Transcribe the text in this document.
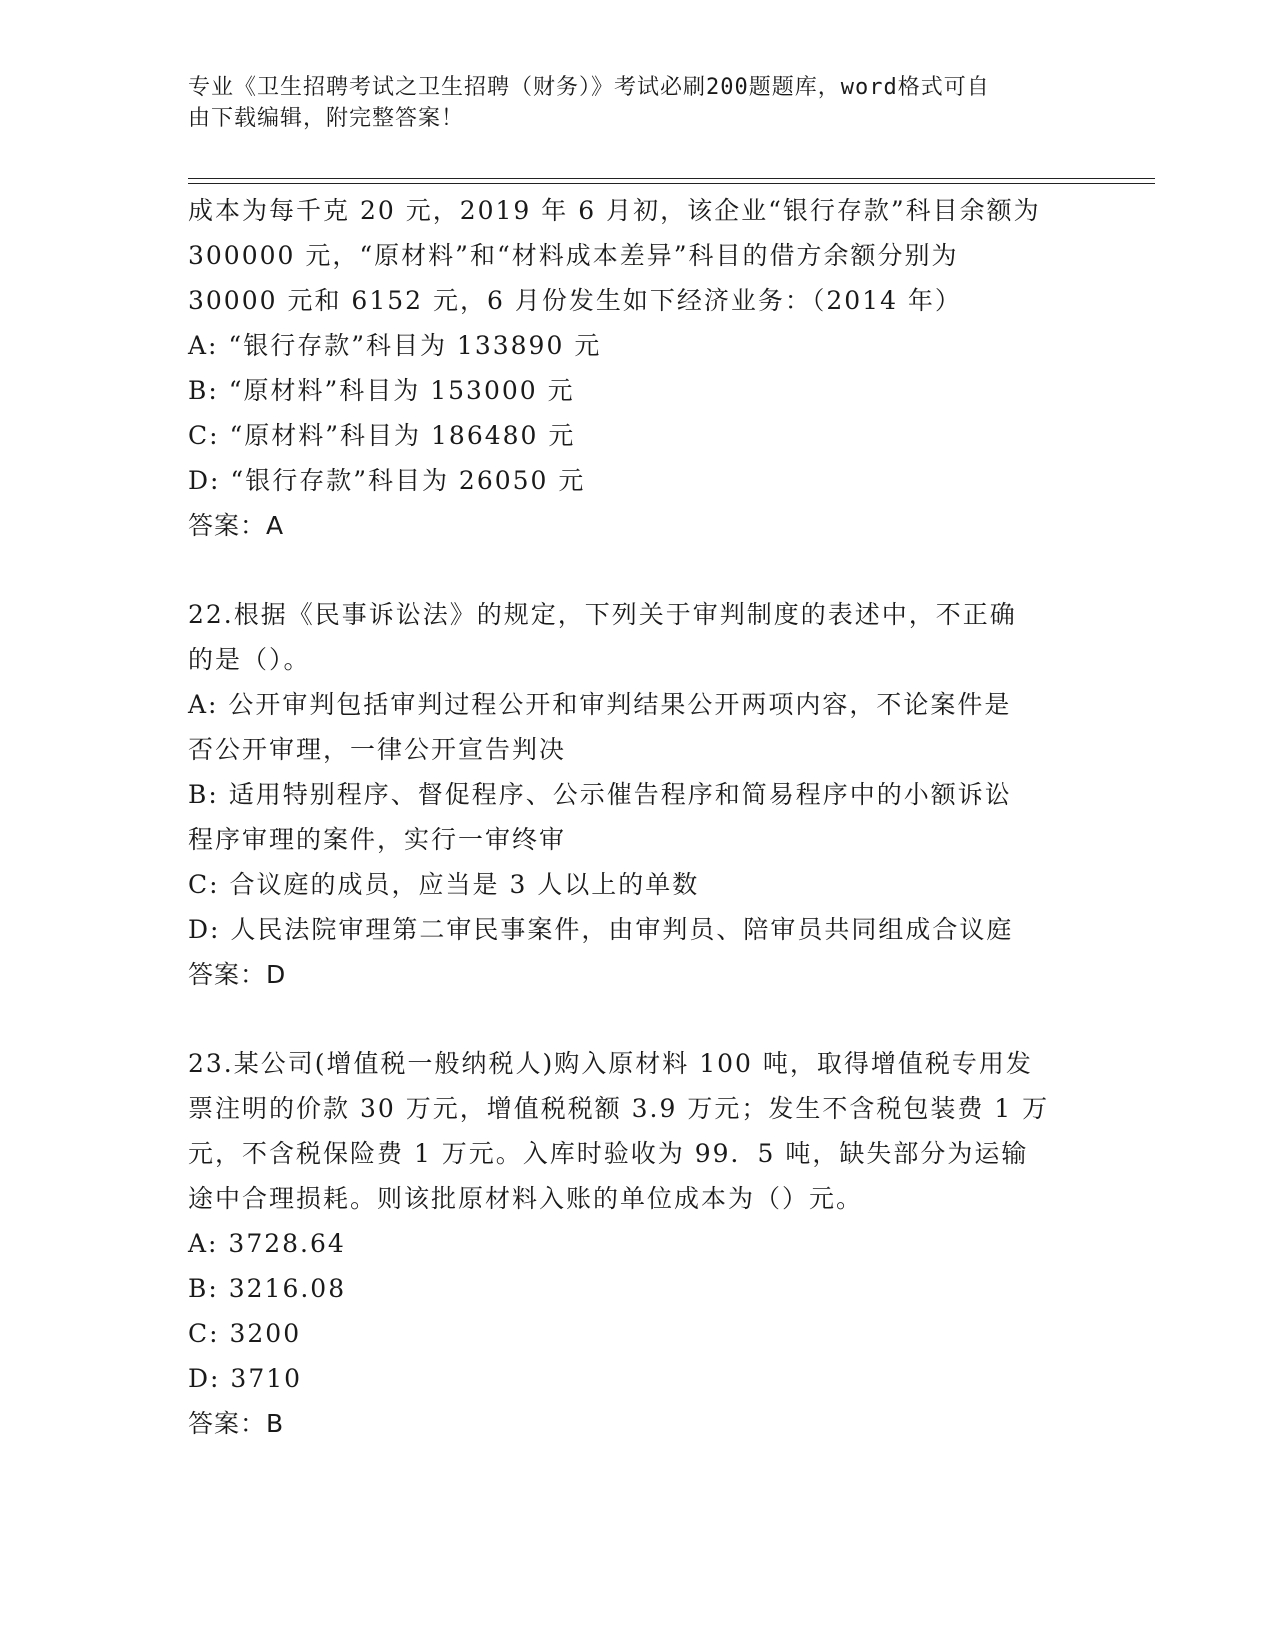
专业《卫生招聘考试之卫生招聘（财务）》考试必刷200题题库，word格式可自
由下载编辑，附完整答案！
成本为每千克 20 元，2019 年 6 月初，该企业“银行存款”科目余额为
300000 元，“原材料”和“材料成本差异”科目的借方余额分别为
30000 元和 6152 元，6 月份发生如下经济业务：（2014 年）
A: “银行存款”科目为 133890 元
B: “原材料”科目为 153000 元
C: “原材料”科目为 186480 元
D: “银行存款”科目为 26050 元
答案：A
22.根据《民事诉讼法》的规定，下列关于审判制度的表述中，不正确
的是（）。
A: 公开审判包括审判过程公开和审判结果公开两项内容，不论案件是
否公开审理，一律公开宣告判决
B: 适用特别程序、督促程序、公示催告程序和简易程序中的小额诉讼
程序审理的案件，实行一审终审
C: 合议庭的成员，应当是 3 人以上的单数
D: 人民法院审理第二审民事案件，由审判员、陪审员共同组成合议庭
答案：D
23.某公司(增值税一般纳税人)购入原材料 100 吨，取得增值税专用发
票注明的价款 30 万元，增值税税额 3.9 万元；发生不含税包装费 1 万
元，不含税保险费 1 万元。入库时验收为 99．5 吨，缺失部分为运输
途中合理损耗。则该批原材料入账的单位成本为（）元。
A: 3728.64
B: 3216.08
C: 3200
D: 3710
答案：B
